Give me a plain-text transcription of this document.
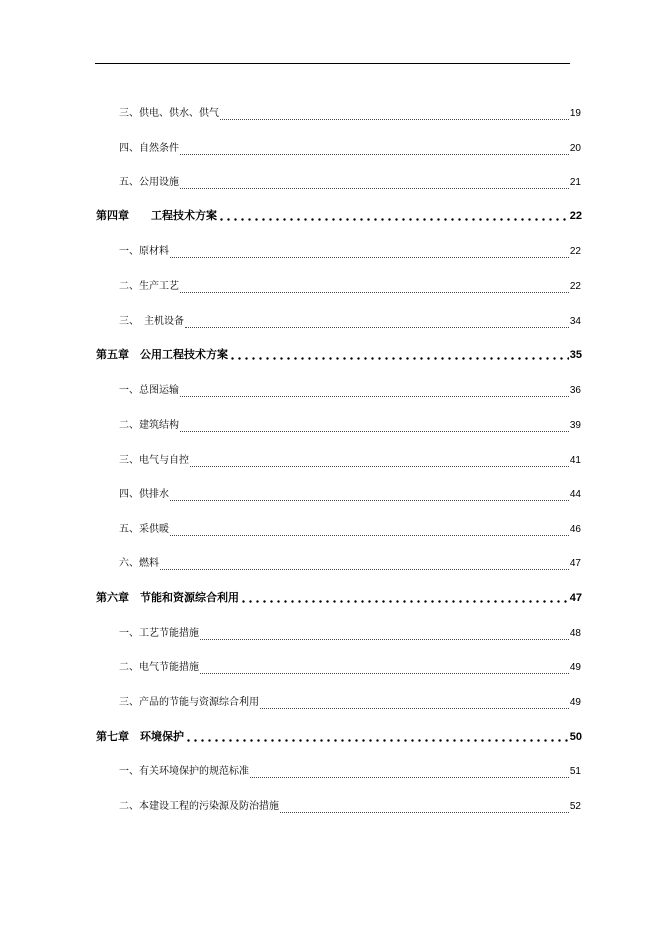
三、供电、供水、供气	19
四、自然条件	20
五、公用设施	21
第四章　　工程技术方案	22
一、原材料	22
二、生产工艺	22
三、　主机设备	34
第五章　公用工程技术方案	35
一、总图运输	36
二、建筑结构	39
三、电气与自控	41
四、供排水	44
五、采供暖	46
六、燃料	47
第六章　节能和资源综合利用	47
一、工艺节能措施	48
二、电气节能措施	49
三、产品的节能与资源综合利用	49
第七章　环境保护	50
一、有关环境保护的规范标准	51
二、本建设工程的污染源及防治措施	52
